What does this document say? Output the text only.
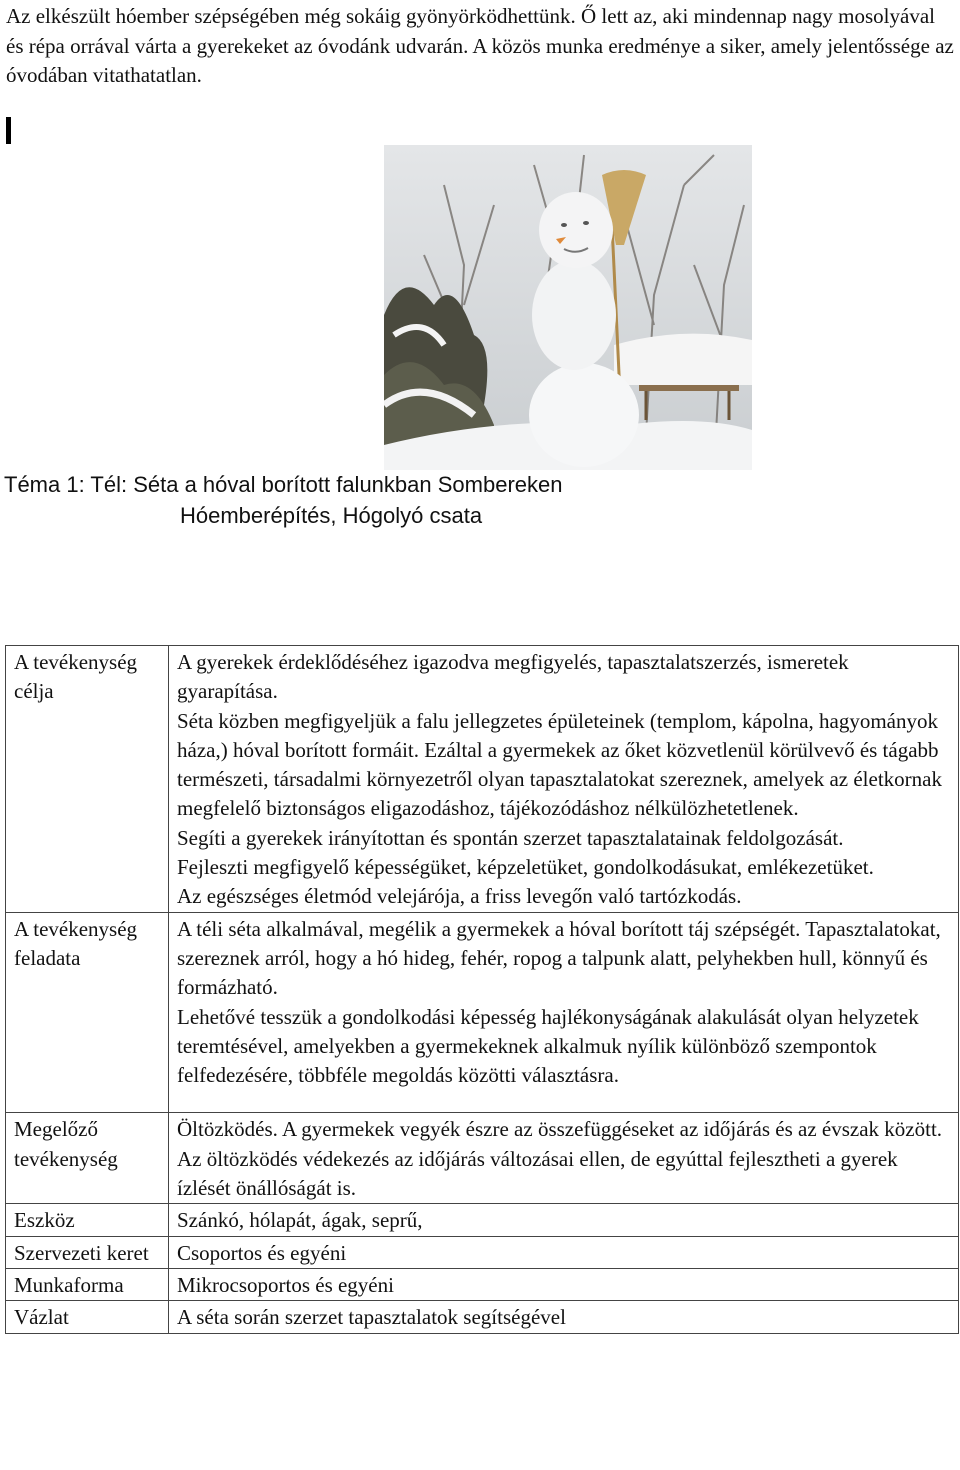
Az elkészült hóember szépségében még sokáig gyönyörködhettünk. Ő lett az, aki mindennap nagy mosolyával és répa orrával várta a gyerekeket az óvodánk udvarán. A közös munka eredménye a siker, amely jelentőssége az óvodában vitathatatlan.
Téma 1: Tél: Séta a hóval borított falunkban Sombereken
Hóemberépítés, Hógolyó csata
A tevékenység célja	A gyerekek érdeklődéséhez igazodva megfigyelés, tapasztalatszerzés, ismeretek gyarapítása.
Séta közben megfigyeljük a falu jellegzetes épületeinek (templom, kápolna, hagyományok háza,) hóval borított formáit. Ezáltal a gyermekek az őket közvetlenül körülvevő és tágabb természeti, társadalmi környezetről olyan tapasztalatokat szereznek, amelyek az életkornak megfelelő biztonságos eligazodáshoz, tájékozódáshoz nélkülözhetetlenek.
Segíti a gyerekek irányítottan és spontán szerzet tapasztalatainak feldolgozását.
Fejleszti megfigyelő képességüket, képzeletüket, gondolkodásukat, emlékezetüket.
Az egészséges életmód velejárója, a friss levegőn való tartózkodás.

A tevékenység feladata	A téli séta alkalmával, megélik a gyermekek a hóval borított táj szépségét. Tapasztalatokat, szereznek arról, hogy a hó hideg, fehér, ropog a talpunk alatt, pelyhekben hull, könnyű és formázható.
Lehetővé tesszük a gondolkodási képesség hajlékonyságának alakulását olyan helyzetek teremtésével, amelyekben a gyermekeknek alkalmuk nyílik különböző szempontok felfedezésére, többféle megoldás közötti választásra.

Megelőző tevékenység	Öltözködés. A gyermekek vegyék észre az összefüggéseket az időjárás és az évszak között. Az öltözködés védekezés az időjárás változásai ellen, de egyúttal fejlesztheti a gyerek ízlését önállóságát is.

Eszköz	Szánkó, hólapát, ágak, seprű,

Szervezeti keret	Csoportos és egyéni

Munkaforma	Mikrocsoportos és egyéni

Vázlat	A séta során szerzet tapasztalatok segítségével
